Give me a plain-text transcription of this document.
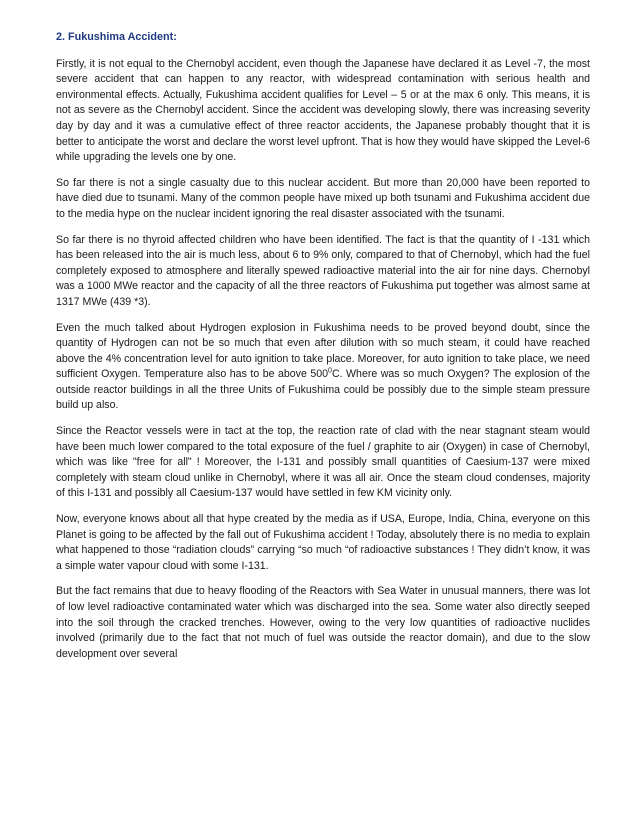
2. Fukushima Accident:

Firstly, it is not equal to the Chernobyl accident, even though the Japanese have declared it as Level -7, the most severe accident that can happen to any reactor, with widespread contamination with serious health and environmental effects. Actually, Fukushima accident qualifies for Level – 5 or at the max 6 only. This means, it is not as severe as the Chernobyl accident. Since the accident was developing slowly, there was increasing severity day by day and it was a cumulative effect of three reactor accidents, the Japanese probably thought that it is better to anticipate the worst and declare the worst level upfront. That is how they would have skipped the Level-6 while upgrading the levels one by one.

So far there is not a single casualty due to this nuclear accident. But more than 20,000 have been reported to have died due to tsunami. Many of the common people have mixed up both tsunami and Fukushima accident due to the media hype on the nuclear incident ignoring the real disaster associated with the tsunami.

So far there is no thyroid affected children who have been identified. The fact is that the quantity of I -131 which has been released into the air is much less, about 6 to 9% only, compared to that of Chernobyl, which had the fuel completely exposed to atmosphere and literally spewed radioactive material into the air for nine days. Chernobyl was a 1000 MWe reactor and the capacity of all the three reactors of Fukushima put together was almost same at 1317 MWe (439 *3).

Even the much talked about Hydrogen explosion in Fukushima needs to be proved beyond doubt, since the quantity of Hydrogen can not be so much that even after dilution with so much steam, it could have reached above the 4% concentration level for auto ignition to take place. Moreover, for auto ignition to take place, we need sufficient Oxygen. Temperature also has to be above $500^0C$. Where was so much Oxygen? The explosion of the outside reactor buildings in all the three Units of Fukushima could be possibly due to the simple steam pressure build up also.

Since the Reactor vessels were in tact at the top, the reaction rate of clad with the near stagnant steam would have been much lower compared to the total exposure of the fuel / graphite to air (Oxygen) in case of Chernobyl, which was like "free for all" ! Moreover, the I-131 and possibly small quantities of Caesium-137 were mixed completely with steam cloud unlike in Chernobyl, where it was all air. Once the steam cloud condenses, majority of this I-131 and possibly all Caesium-137 would have settled in few KM vicinity only.

Now, everyone knows about all that hype created by the media as if USA, Europe, India, China, everyone on this Planet is going to be affected by the fall out of Fukushima accident ! Today, absolutely there is no media to explain what happened to those “radiation clouds” carrying “so much “of radioactive substances ! They didn’t know, it was a simple water vapour cloud with some I-131.

But the fact remains that due to heavy flooding of the Reactors with Sea Water in unusual manners, there was lot of low level radioactive contaminated water which was discharged into the sea. Some water also directly seeped into the soil through the cracked trenches. However, owing to the very low quantities of radioactive nuclides involved (primarily due to the fact that not much of fuel was outside the reactor domain), and due to the slow development over several
